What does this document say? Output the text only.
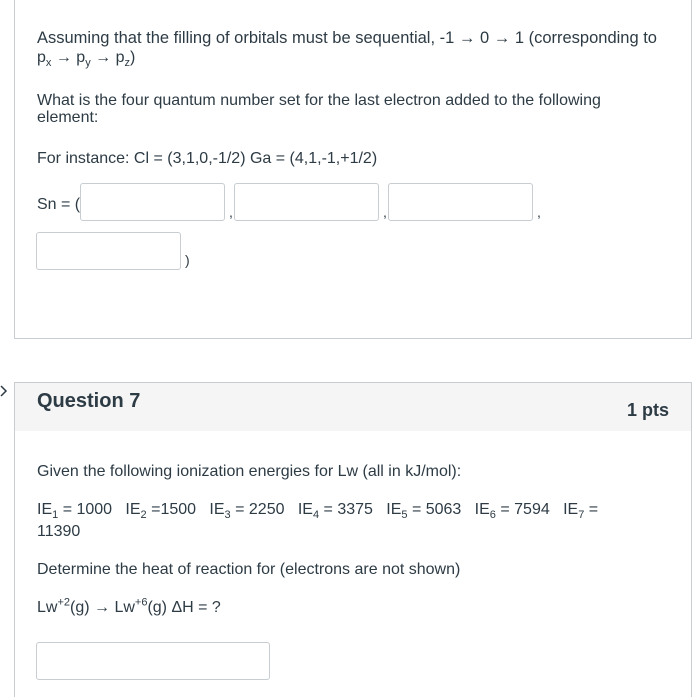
Assuming that the filling of orbitals must be sequential, -1 → 0 → 1 (corresponding to
$p_x \to p_y \to p_z$)
What is the four quantum number set for the last electron added to the following
element:
For instance: Cl = (3,1,0,-1/2) Ga = (4,1,-1,+1/2)
Sn = (	,	,	,
)
Question 7	1 pts
Given the following ionization energies for Lw (all in kJ/mol):
$IE_1 = 1000$ $IE_2 =1500$ $IE_3 = 2250$ $IE_4 = 3375$ $IE_5 = 5063$ $IE_6 = 7594$ $IE_7$ =
11390
Determine the heat of reaction for (electrons are not shown)
$Lw^{+2}(g) \to Lw^{+6}(g) \Delta H$ = ?
